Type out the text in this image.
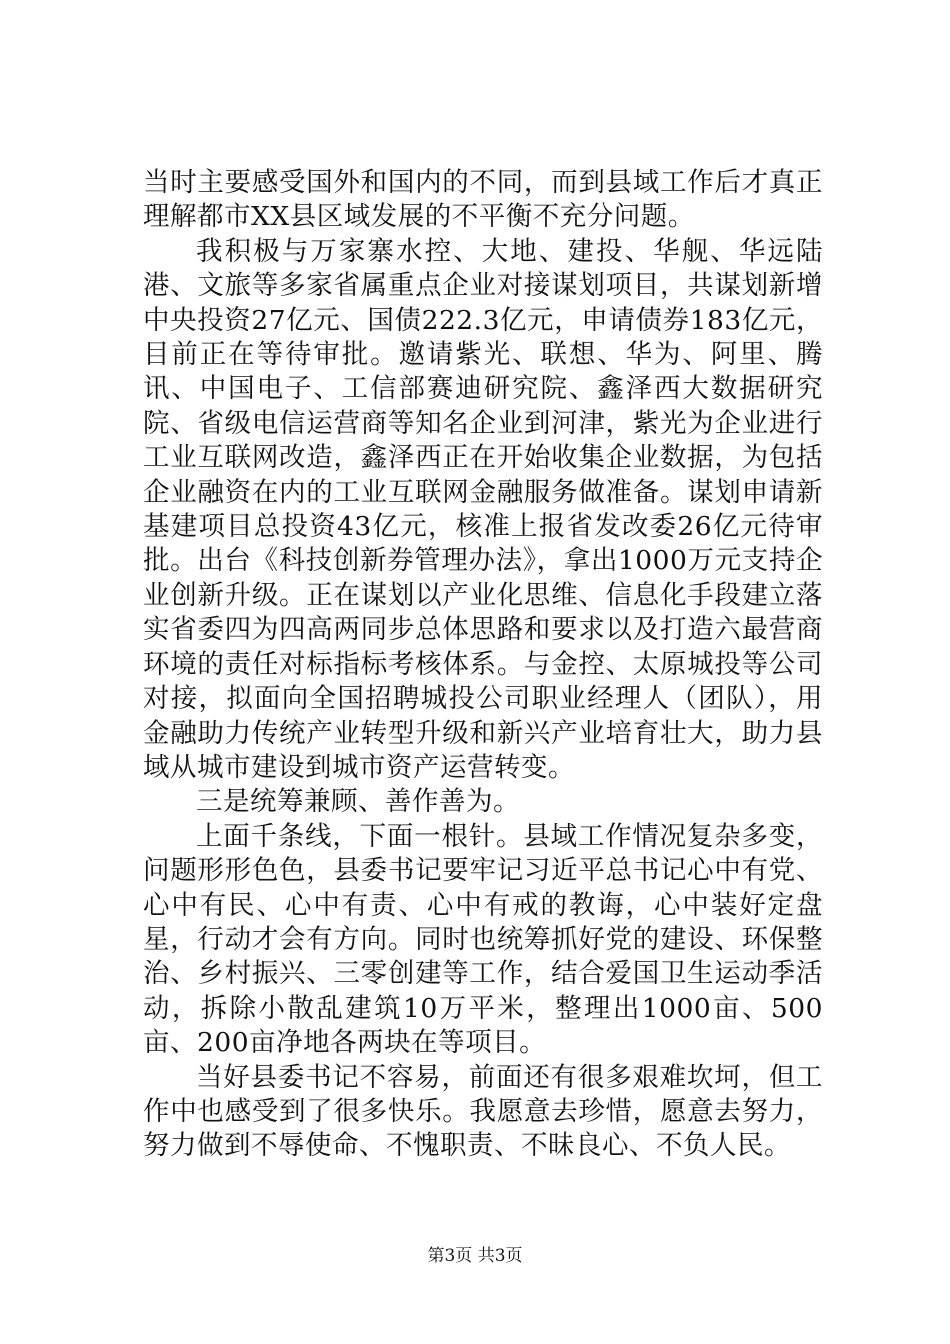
当时主要感受国外和国内的不同，而到县域工作后才真正理解都市XX县区域发展的不平衡不充分问题。

我积极与万家寨水控、大地、建投、华舰、华远陆港、文旅等多家省属重点企业对接谋划项目，共谋划新增中央投资27亿元、国债222.3亿元，申请债券183亿元，目前正在等待审批。邀请紫光、联想、华为、阿里、腾讯、中国电子、工信部赛迪研究院、鑫泽西大数据研究院、省级电信运营商等知名企业到河津，紫光为企业进行工业互联网改造，鑫泽西正在开始收集企业数据，为包括企业融资在内的工业互联网金融服务做准备。谋划申请新基建项目总投资43亿元，核准上报省发改委26亿元待审批。出台《科技创新券管理办法》，拿出1000万元支持企业创新升级。正在谋划以产业化思维、信息化手段建立落实省委四为四高两同步总体思路和要求以及打造六最营商环境的责任对标指标考核体系。与金控、太原城投等公司对接，拟面向全国招聘城投公司职业经理人（团队），用金融助力传统产业转型升级和新兴产业培育壮大，助力县域从城市建设到城市资产运营转变。

三是统筹兼顾、善作善为。

上面千条线，下面一根针。县域工作情况复杂多变，问题形形色色，县委书记要牢记习近平总书记心中有党、心中有民、心中有责、心中有戒的教诲，心中装好定盘星，行动才会有方向。同时也统筹抓好党的建设、环保整治、乡村振兴、三零创建等工作，结合爱国卫生运动季活动，拆除小散乱建筑10万平米，整理出1000亩、500亩、200亩净地各两块在等项目。

当好县委书记不容易，前面还有很多艰难坎坷，但工作中也感受到了很多快乐。我愿意去珍惜，愿意去努力，努力做到不辱使命、不愧职责、不昧良心、不负人民。

第3页 共3页
